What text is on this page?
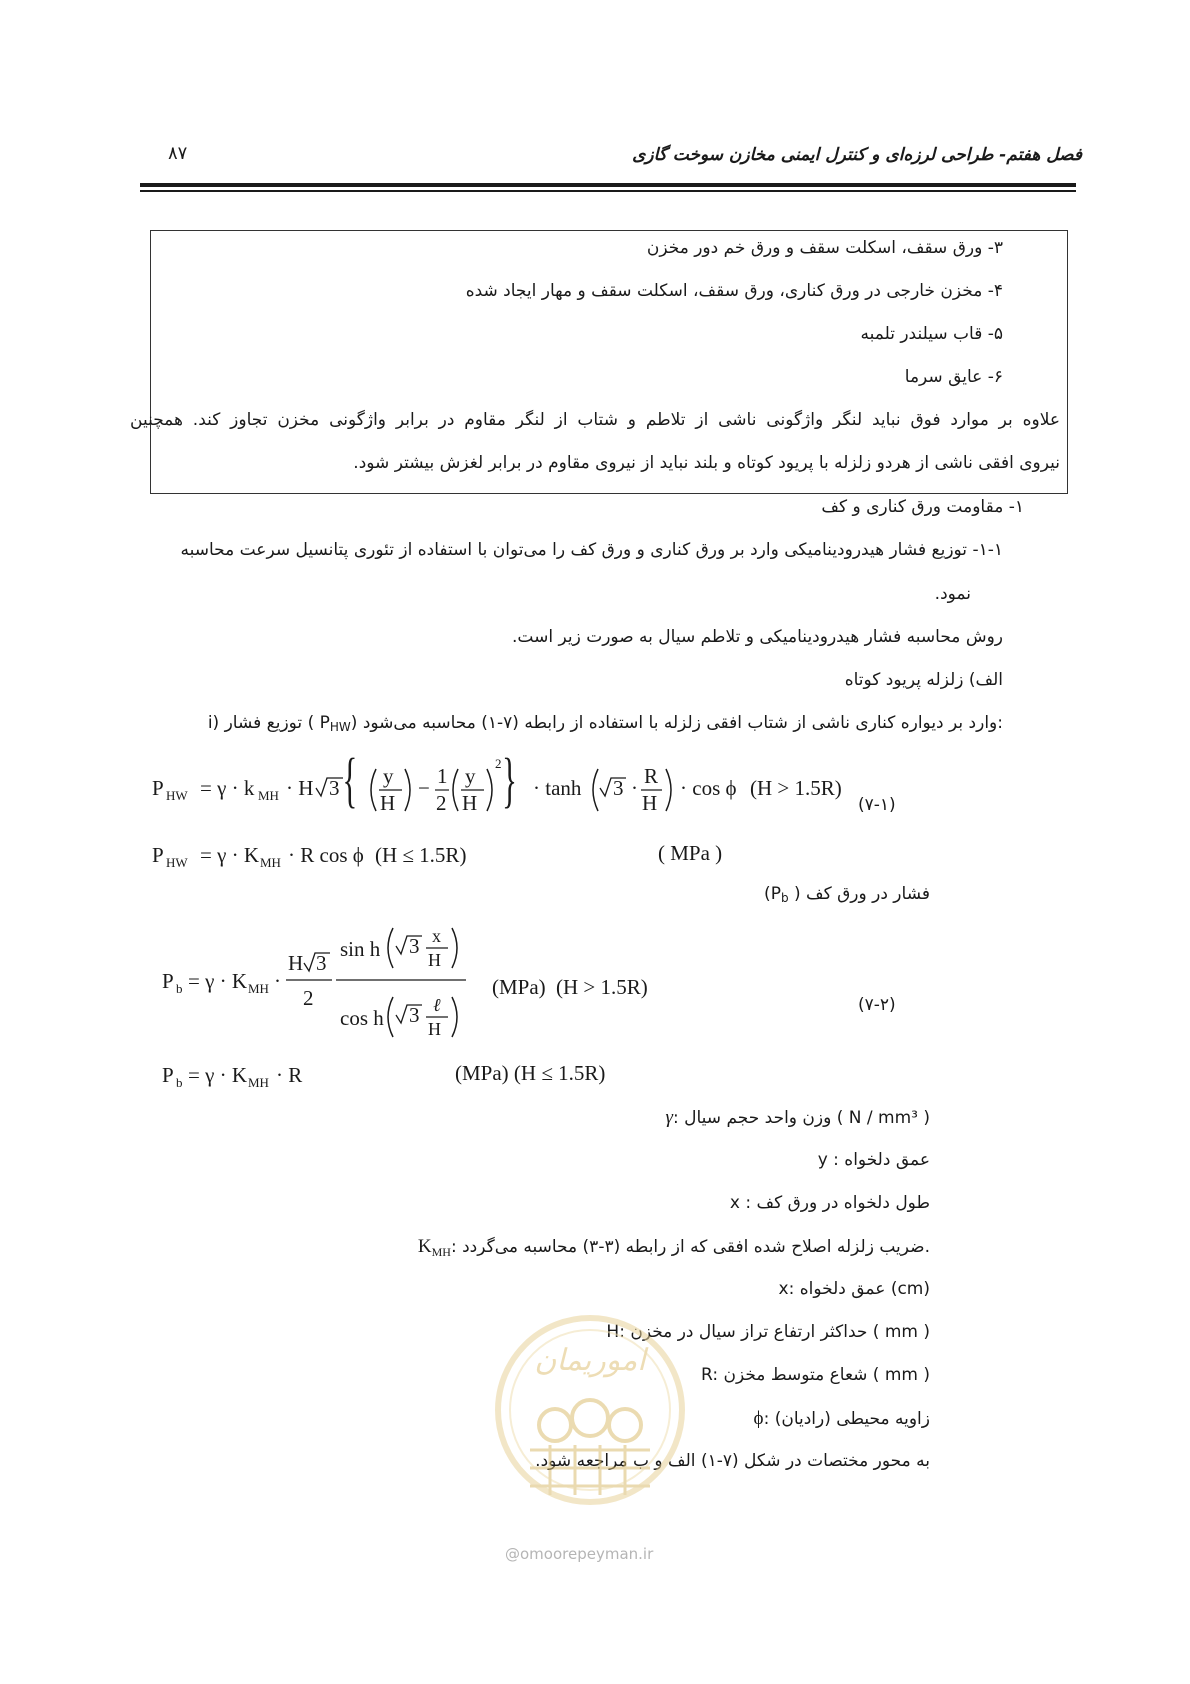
۸۷	فصل هفتم- طراحی لرزه‌ای و کنترل ایمنی مخازن سوخت گازی
۳- ورق سقف، اسکلت سقف و ورق خم دور مخزن
۴- مخزن خارجی در ورق کناری، ورق سقف، اسکلت سقف و مهار ایجاد شده
۵- قاب سیلندر تلمبه
۶- عایق سرما
علاوه بر موارد فوق نباید لنگر واژگونی ناشی از تلاطم و شتاب از لنگر مقاوم در برابر واژگونی مخزن تجاوز کند. همچنین
نیروی افقی ناشی از هردو زلزله با پریود کوتاه و بلند نباید از نیروی مقاوم در برابر لغزش بیشتر شود.
۱- مقاومت ورق کناری و کف
۱-۱- توزیع فشار هیدرودینامیکی وارد بر ورق کناری و ورق کف را می‌توان با استفاده از تئوری پتانسیل سرعت محاسبه
نمود.
روش محاسبه فشار هیدرودینامیکی و تلاطم سیال به صورت زیر است.
الف) زلزله پریود کوتاه
i) توزیع فشار ( PHW) وارد بر دیواره کناری ناشی از شتاب افقی زلزله با استفاده از رابطه (۷-۱) محاسبه می‌شود:
P HW = γ · k MH · H 3 { y
H
− 1
2
y
H
2 } · tanh 3 · R
H
· cos ϕ (H > 1.5R)
(۷-۱)
P HW = γ · K MH · R cos ϕ (H ≤ 1.5R)	( MPa )
فشار در ورق کف ( Pb)
P b = γ · K MH ·
H 3
2
sin h 3 x
H
cos h 3 ℓ
H
(MPa) (H > 1.5R)
(۷-۲)
P b = γ · K MH · R	(MPa) (H ≤ 1.5R)
γ: وزن واحد حجم سیال ( N / mm³ )
y : عمق دلخواه
x : طول دلخواه در ورق کف
$K_{MH}$: ضریب زلزله اصلاح شده افقی که از رابطه (۳-۳) محاسبه می‌گردد.
x: عمق دلخواه (cm)
H: حداکثر ارتفاع تراز سیال در مخزن ( mm )
R: شعاع متوسط مخزن ( mm )
ϕ: زاویه محیطی (رادیان)
به محور مختصات در شکل (۷-۱) الف و ب مراجعه شود.
اموریمان
@omoorepeyman.ir
